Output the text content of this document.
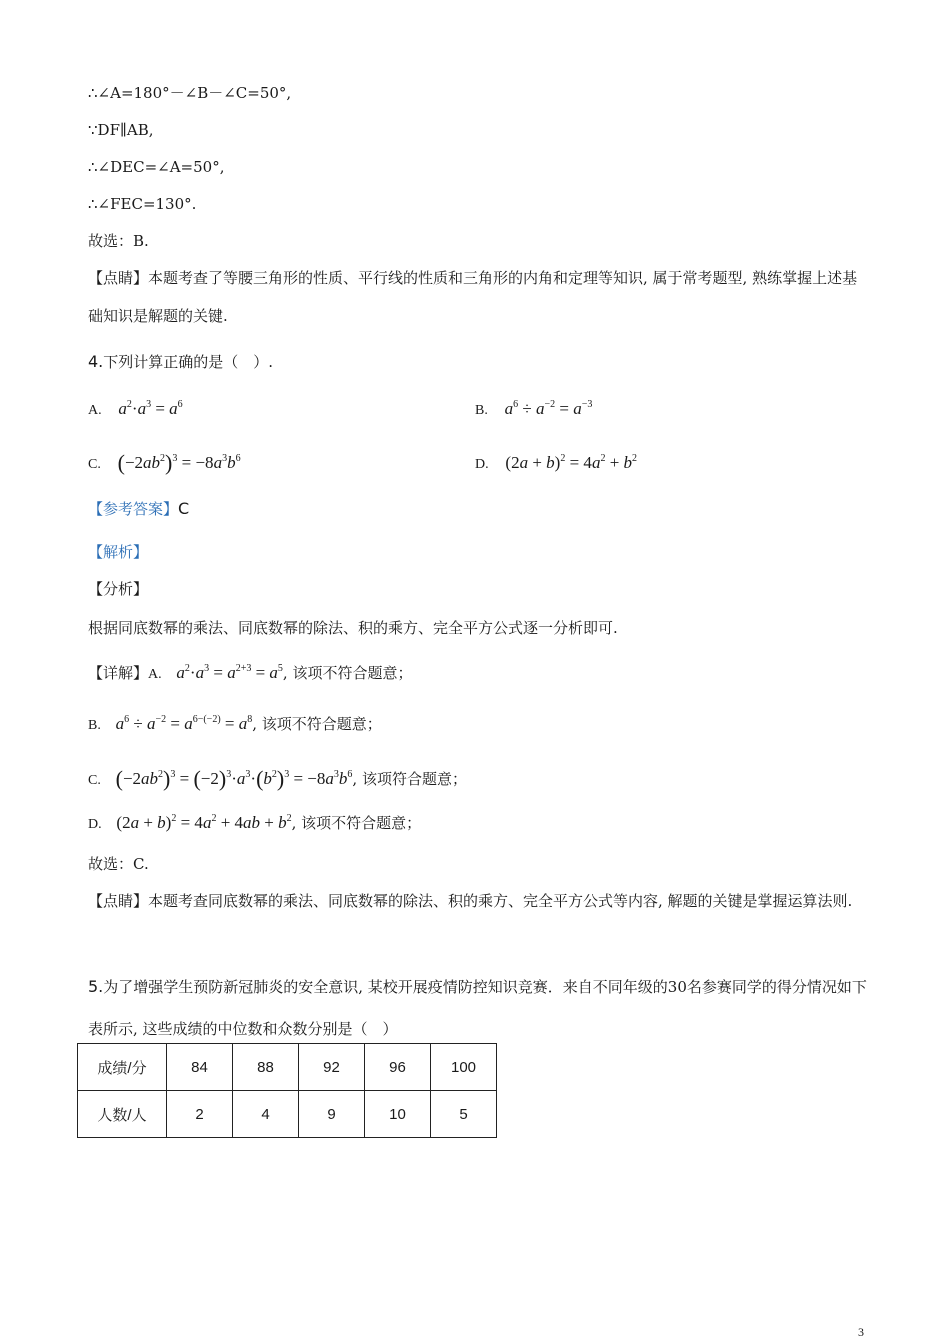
∴∠A=180°－∠B－∠C=50°,
∵DF∥AB,
∴∠DEC=∠A=50°,
∴∠FEC=130°.
故选：B.
【点睛】本题考查了等腰三角形的性质、平行线的性质和三角形的内角和定理等知识, 属于常考题型, 熟练掌握上述基础知识是解题的关键.
4.下列计算正确的是（　）.
A. $a^2\cdot a^3 = a^6$	B. $a^6 \div a^{-2} = a^{-3}$
C. $(-2ab^2)^3 = -8a^3b^6$	D. $(2a + b)^2 = 4a^2 + b^2$
【参考答案】C
【解析】
【分析】
根据同底数幂的乘法、同底数幂的除法、积的乘方、完全平方公式逐一分析即可.
【详解】A. $a^2\cdot a^3 = a^{2+3} = a^5$, 该项不符合题意；
B. $a^6 \div a^{-2} = a^{6-(-2)} = a^8$, 该项不符合题意；
C. $(-2ab^2)^3 = (-2)^3\cdot a^3\cdot(b^2)^3 = -8a^3b^6$, 该项符合题意；
D. $(2a + b)^2 = 4a^2 + 4ab + b^2$, 该项不符合题意；
故选：C.
【点睛】本题考查同底数幂的乘法、同底数幂的除法、积的乘方、完全平方公式等内容, 解题的关键是掌握运算法则.
5.为了增强学生预防新冠肺炎的安全意识, 某校开展疫情防控知识竞赛．来自不同年级的30名参赛同学的得分情况如下表所示, 这些成绩的中位数和众数分别是（　）
成绩/分	84	88	92	96	100
人数/人	2	4	9	10	5
3
